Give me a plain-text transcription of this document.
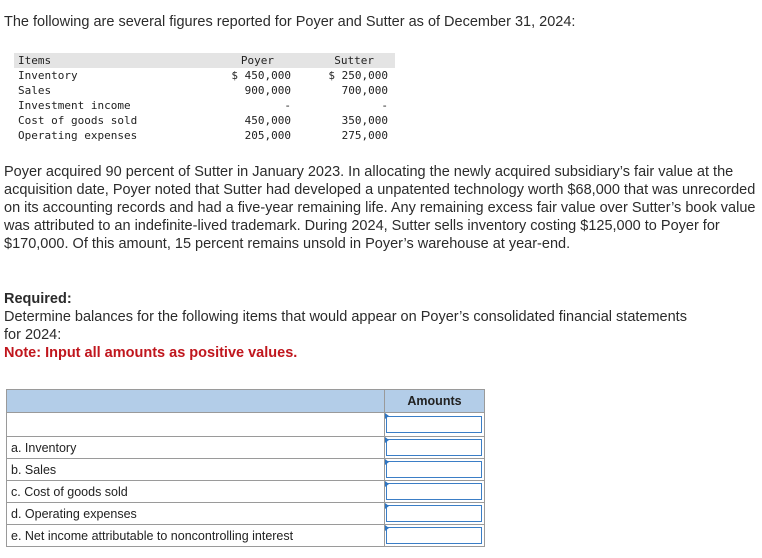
The following are several figures reported for Poyer and Sutter as of December 31, 2024:
Items	Poyer	Sutter
Inventory	$ 450,000	$ 250,000
Sales	900,000	700,000
Investment income	-	-
Cost of goods sold	450,000	350,000
Operating expenses	205,000	275,000
Poyer acquired 90 percent of Sutter in January 2023. In allocating the newly acquired subsidiary’s fair value at the acquisition date, Poyer noted that Sutter had developed a unpatented technology worth $68,000 that was unrecorded on its accounting records and had a five-year remaining life. Any remaining excess fair value over Sutter’s book value was attributed to an indefinite-lived trademark. During 2024, Sutter sells inventory costing $125,000 to Poyer for $170,000. Of this amount, 15 percent remains unsold in Poyer’s warehouse at year-end.
Required:
Determine balances for the following items that would appear on Poyer’s consolidated financial statements for 2024:
Note: Input all amounts as positive values.
	Amounts

a. Inventory	

b. Sales	

c. Cost of goods sold	

d. Operating expenses	

e. Net income attributable to noncontrolling interest	
